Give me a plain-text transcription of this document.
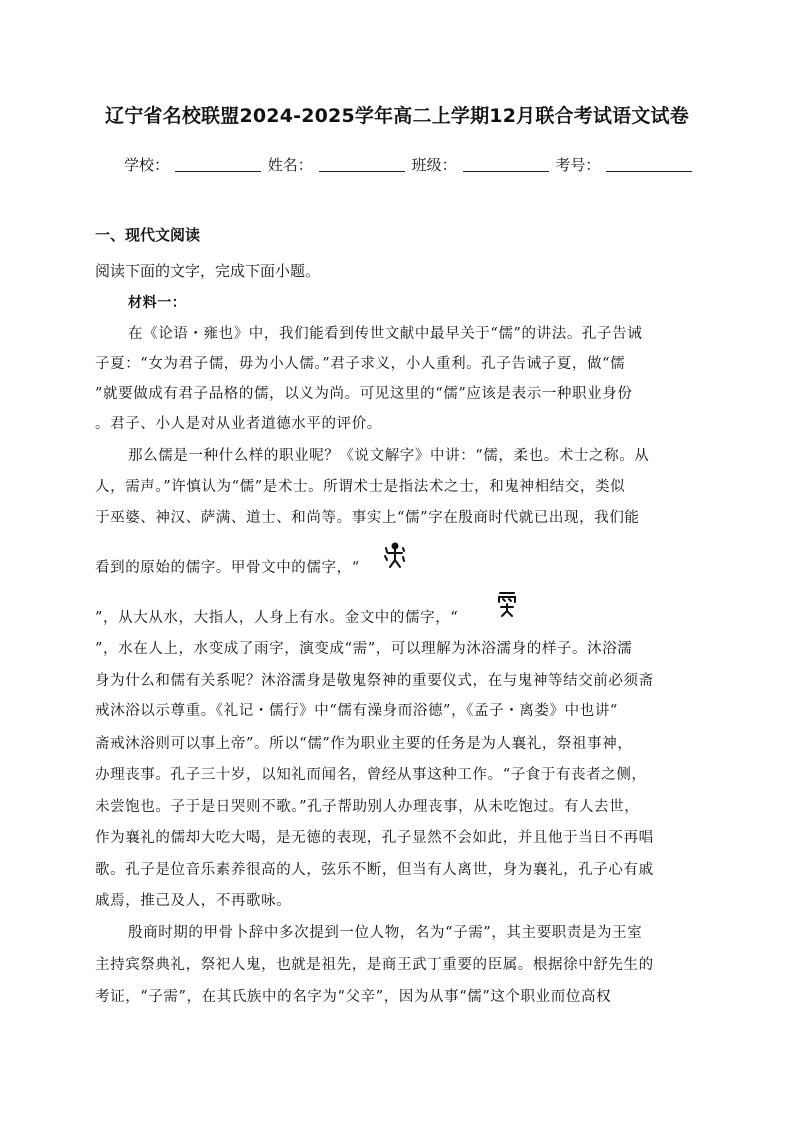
辽宁省名校联盟2024-2025学年高二上学期12月联合考试语文试卷
学校：	姓名：	班级：	考号：
一、现代文阅读
阅读下面的文字，完成下面小题。
材料一：
在《论语・雍也》中，我们能看到传世文献中最早关于“儒”的讲法。孔子告诫
子夏：“女为君子儒，毋为小人儒。”君子求义，小人重利。孔子告诫子夏，做“儒
”就要做成有君子品格的儒，以义为尚。可见这里的“儒”应该是表示一种职业身份
。君子、小人是对从业者道德水平的评价。
那么儒是一种什么样的职业呢？《说文解字》中讲：“儒，柔也。术士之称。从
人，需声。”许慎认为“儒”是术士。所谓术士是指法术之士，和鬼神相结交，类似
于巫婆、神汉、萨满、道士、和尚等。事实上“儒”字在殷商时代就已出现，我们能
看到的原始的儒字。甲骨文中的儒字，“
”，从大从水，大指人，人身上有水。金文中的儒字，“
”，水在人上，水变成了雨字，演变成“需”，可以理解为沐浴濡身的样子。沐浴濡
身为什么和儒有关系呢？沐浴濡身是敬鬼祭神的重要仪式，在与鬼神等结交前必须斋
戒沐浴以示尊重。《礼记・儒行》中“儒有澡身而浴德”，《孟子・离娄》中也讲“
斋戒沐浴则可以事上帝”。所以“儒”作为职业主要的任务是为人襄礼，祭祖事神，
办理丧事。孔子三十岁，以知礼而闻名，曾经从事这种工作。“子食于有丧者之侧，
未尝饱也。子于是日哭则不歌。”孔子帮助别人办理丧事，从未吃饱过。有人去世，
作为襄礼的儒却大吃大喝，是无德的表现，孔子显然不会如此，并且他于当日不再唱
歌。孔子是位音乐素养很高的人，弦乐不断，但当有人离世，身为襄礼，孔子心有戚
戚焉，推己及人，不再歌咏。
殷商时期的甲骨卜辞中多次提到一位人物，名为“子需”，其主要职责是为王室
主持宾祭典礼，祭祀人鬼，也就是祖先，是商王武丁重要的臣属。根据徐中舒先生的
考证，“子需”，在其氏族中的名字为“父辛”，因为从事“儒”这个职业而位高权
